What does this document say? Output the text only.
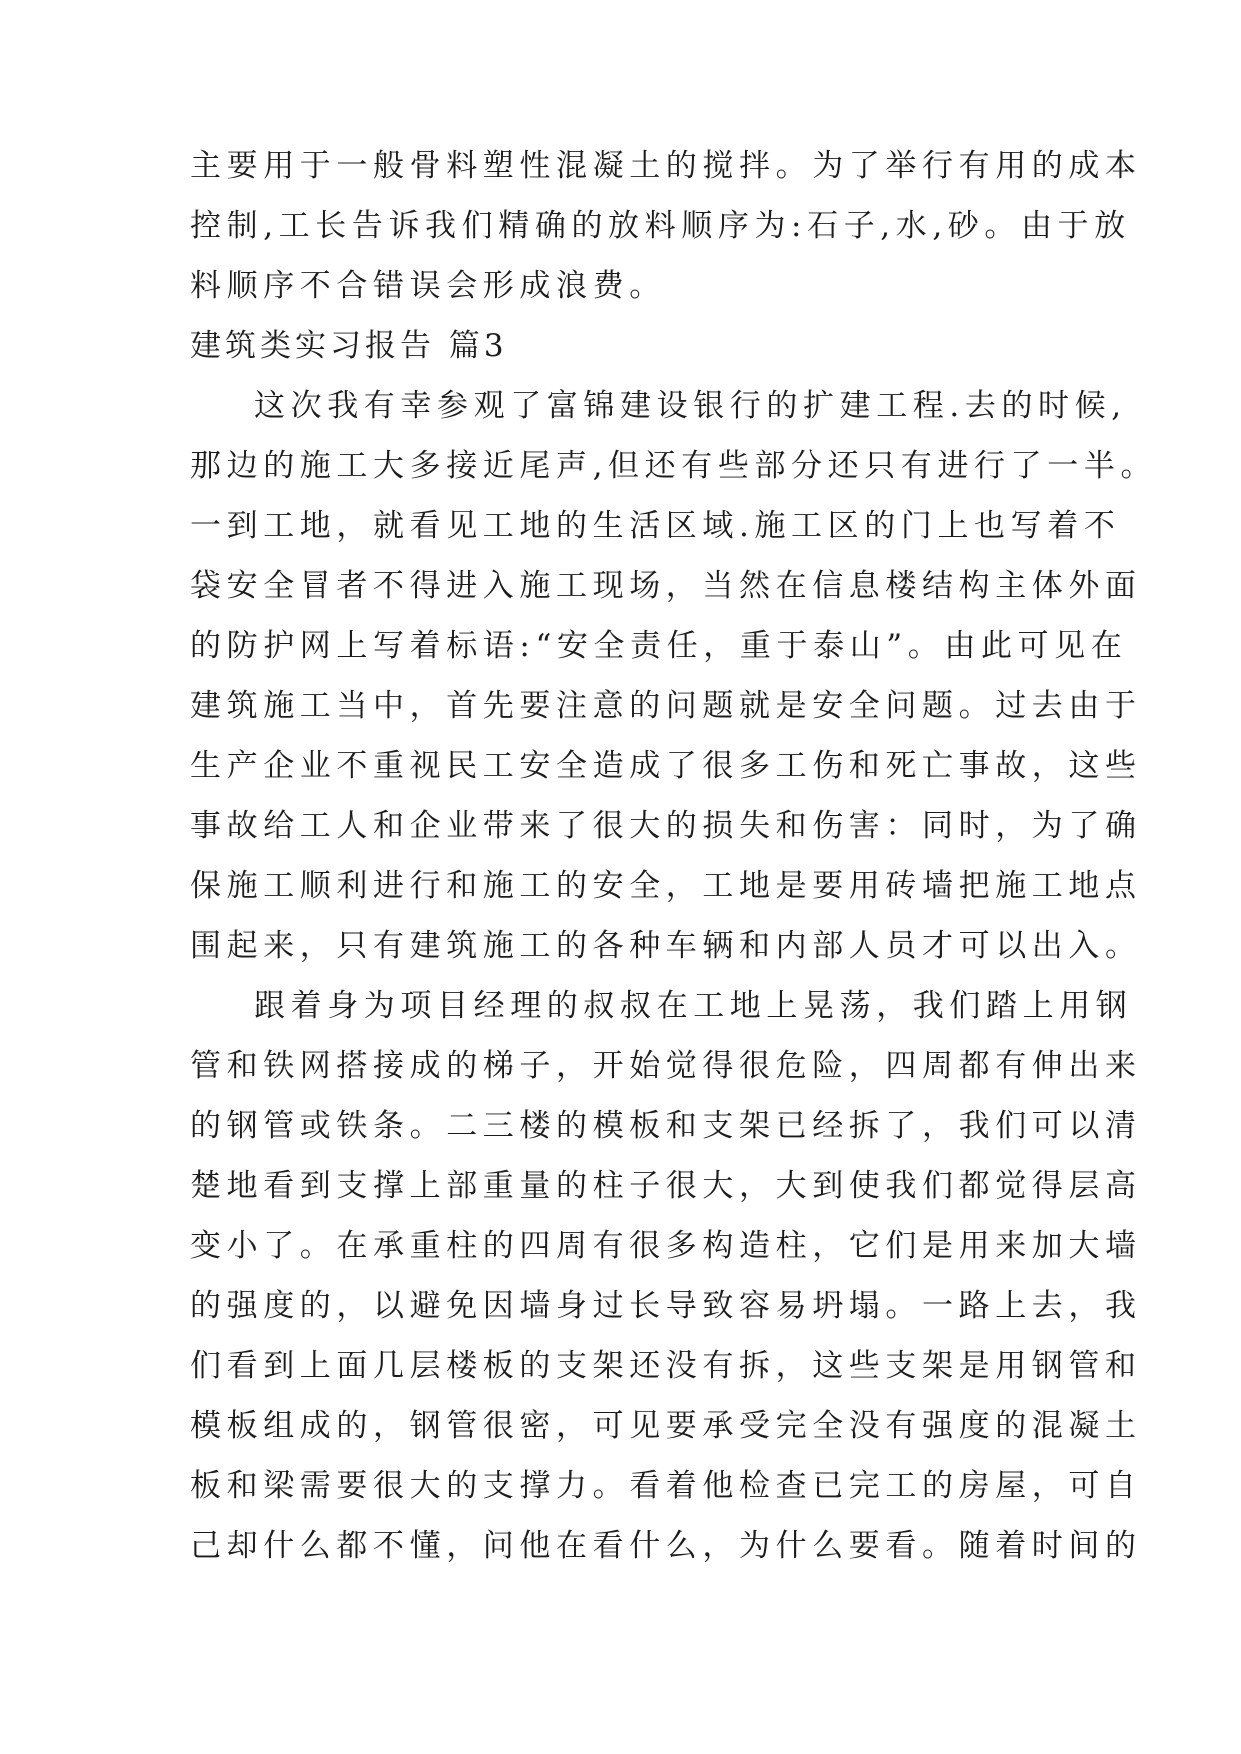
主要用于一般骨料塑性混凝土的搅拌。为了举行有用的成本

控制,工长告诉我们精确的放料顺序为:石子,水,砂。由于放

料顺序不合错误会形成浪费。

建筑类实习报告 篇3

这次我有幸参观了富锦建设银行的扩建工程.去的时候,

那边的施工大多接近尾声,但还有些部分还只有进行了一半。

一到工地，就看见工地的生活区域.施工区的门上也写着不

袋安全冒者不得进入施工现场，当然在信息楼结构主体外面

的防护网上写着标语:“安全责任，重于泰山”。由此可见在

建筑施工当中，首先要注意的问题就是安全问题。过去由于

生产企业不重视民工安全造成了很多工伤和死亡事故，这些

事故给工人和企业带来了很大的损失和伤害：同时，为了确

保施工顺利进行和施工的安全，工地是要用砖墙把施工地点

围起来，只有建筑施工的各种车辆和内部人员才可以出入。

跟着身为项目经理的叔叔在工地上晃荡，我们踏上用钢

管和铁网搭接成的梯子，开始觉得很危险，四周都有伸出来

的钢管或铁条。二三楼的模板和支架已经拆了，我们可以清

楚地看到支撑上部重量的柱子很大，大到使我们都觉得层高

变小了。在承重柱的四周有很多构造柱，它们是用来加大墙

的强度的，以避免因墙身过长导致容易坍塌。一路上去，我

们看到上面几层楼板的支架还没有拆，这些支架是用钢管和

模板组成的，钢管很密，可见要承受完全没有强度的混凝土

板和梁需要很大的支撑力。看着他检查已完工的房屋，可自

己却什么都不懂，问他在看什么，为什么要看。随着时间的
